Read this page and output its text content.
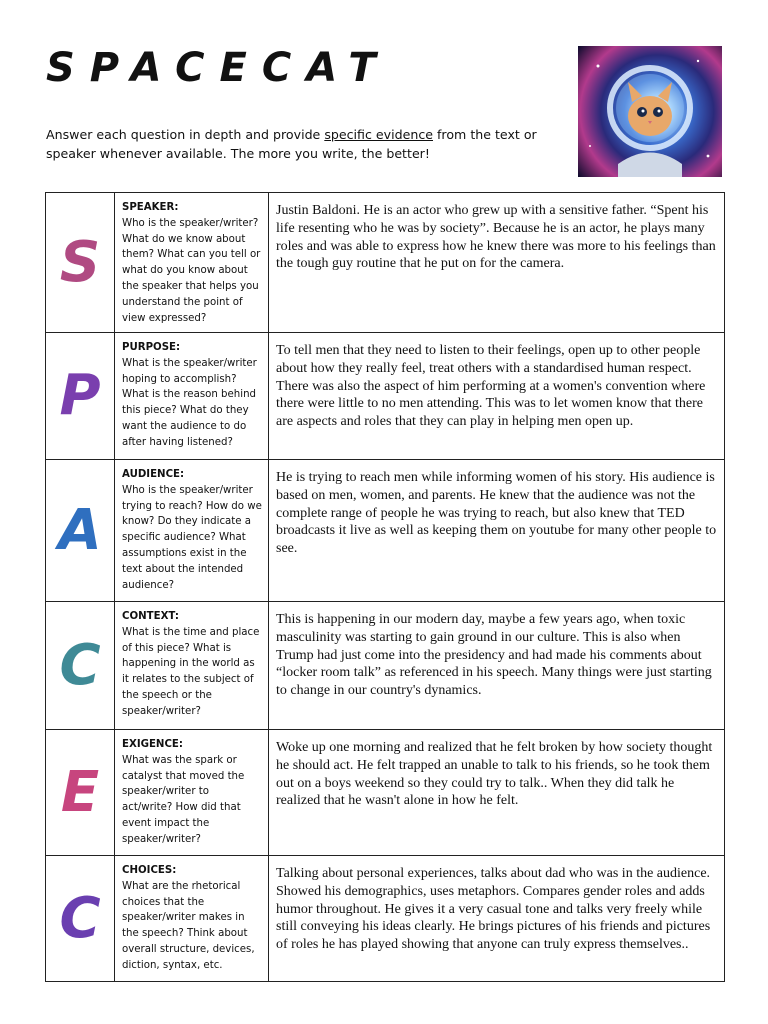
SPACECAT
Answer each question in depth and provide specific evidence from the text or speaker whenever available. The more you write, the better!
S
SPEAKER:
Who is the speaker/writer? What do we know about them? What can you tell or what do you know about the speaker that helps you understand the point of view expressed?
Justin Baldoni. He is an actor who grew up with a sensitive father. “Spent his life resenting who he was by society”. Because he is an actor, he plays many roles and was able to express how he knew there was more to his feelings than the tough guy routine that he put on for the camera.
P
PURPOSE:
What is the speaker/writer hoping to accomplish? What is the reason behind this piece? What do they want the audience to do after having listened?
To tell men that they need to listen to their feelings, open up to other people about how they really feel, treat others with a standardised human respect. There was also the aspect of him performing at a women's convention where there were little to no men attending. This was to let women know that there are aspects and roles that they can play in helping men open up.
A
AUDIENCE:
Who is the speaker/writer trying to reach? How do we know? Do they indicate a specific audience? What assumptions exist in the text about the intended audience?
He is trying to reach men while informing women of his story. His audience is based on men, women, and parents. He knew that the audience was not the complete range of people he was trying to reach, but also knew that TED broadcasts it live as well as keeping them on youtube for many other people to see.
C
CONTEXT:
What is the time and place of this piece? What is happening in the world as it relates to the subject of the speech or the speaker/writer?
This is happening in our modern day, maybe a few years ago, when toxic masculinity was starting to gain ground in our culture. This is also when Trump had just come into the presidency and had made his comments about “locker room talk” as referenced in his speech. Many things were just starting to change in our country's dynamics.
E
EXIGENCE:
What was the spark or catalyst that moved the speaker/writer to act/write? How did that event impact the speaker/writer?
Woke up one morning and realized that he felt broken by how society thought he should act. He felt trapped an unable to talk to his friends, so he took them out on a boys weekend so they could try to talk.. When they did talk he realized that he wasn't alone in how he felt.
C
CHOICES:
What are the rhetorical choices that the speaker/writer makes in the speech? Think about overall structure, devices, diction, syntax, etc.
Talking about personal experiences, talks about dad who was in the audience. Showed his demographics, uses metaphors. Compares gender roles and adds humor throughout. He gives it a very casual tone and talks very freely while still conveying his ideas clearly. He brings pictures of his friends and pictures of roles he has played showing that anyone can truly express themselves..
